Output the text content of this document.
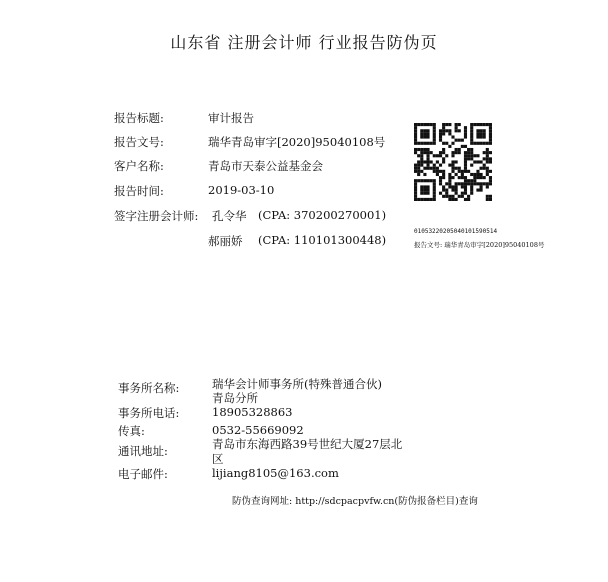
山东省 注册会计师 行业报告防伪页
报告标题:	审计报告
报告文号:	瑞华青岛审字[2020]95040108号
客户名称:	青岛市天泰公益基金会
报告时间:	2019-03-10
签字注册会计师: 孔令华 (CPA: 370200270001)
郝丽娇 (CPA: 110101300448)
01053220205040101590514
报告文号: 瑞华青岛审字[2020]95040108号
事务所名称:	瑞华会计师事务所(特殊普通合伙)
青岛分所
事务所电话:	18905328863
传真:	0532-55669092
通讯地址:	青岛市东海西路39号世纪大厦27层北
区
电子邮件:	lijiang8105@163.com
防伪查询网址: http://sdcpacpvfw.cn(防伪报备栏目)查询
